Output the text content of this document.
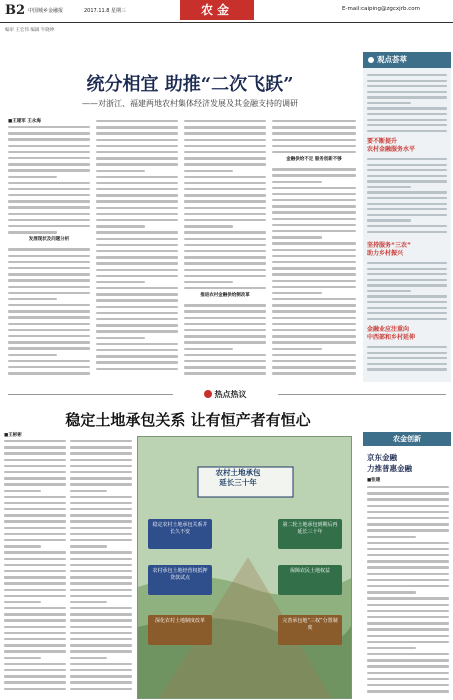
B2 中国城乡金融报	2017.11.8 星期三	农金	E-mail:caiping@zgcxjrb.com
编审 王宏伟 编辑 牛晓坤
统分相宜 助推“二次飞跃”
——对浙江、福建两地农村集体经济发展及其金融支持的调研
■王建军 王永海
发展现状及问题分析
推进农村金融供给侧改革
金融供给不足 服务创新不够
观点荟萃
要不断提升
农村金融服务水平
坚持服务“三农”
助力乡村振兴
金融业应注重向
中西部和乡村延伸
热点热议
稳定土地承包关系 让有恒产者有恒心
■王彬彬
农村土地承包
延长三十年
稳定农村土地承包关系并长久不变
第二轮土地承包到期后再延长三十年
农村承包土地经营权抵押贷款试点
保障农民土地权益
深化农村土地制度改革	完善承包地“三权”分置制度
农金创新
京东金融
力推普惠金融
■张建
